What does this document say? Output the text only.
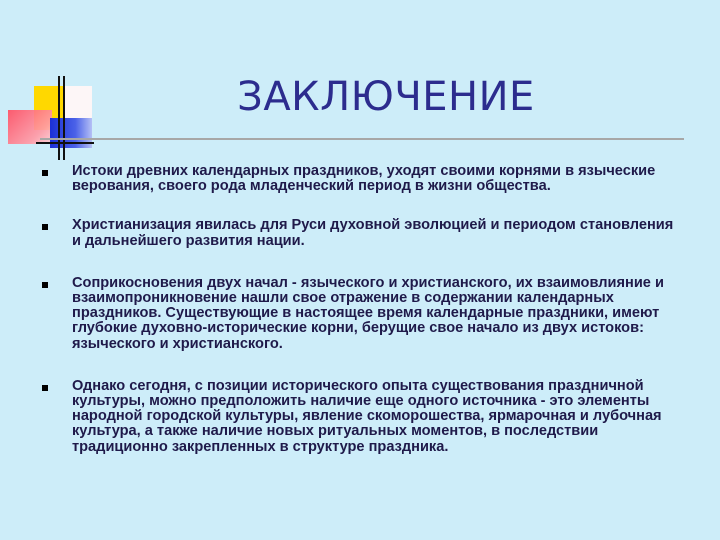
ЗАКЛЮЧЕНИЕ
Истоки древних календарных праздников, уходят своими корнями в языческие верования, своего рода младенческий период в жизни общества.
Христианизация явилась для Руси духовной эволюцией и периодом становления и дальнейшего развития нации.
Соприкосновения двух начал - языческого и христианского, их взаимовлияние и взаимопроникновение нашли свое отражение в содержании календарных праздников. Существующие в настоящее время календарные праздники, имеют глубокие духовно-исторические корни, берущие свое начало из двух истоков: языческого и христианского.
Однако сегодня, с позиции исторического опыта существования праздничной культуры, можно предположить наличие еще одного источника - это элементы народной городской культуры, явление скоморошества, ярмарочная и лубочная культура, а также наличие новых ритуальных моментов, в последствии традиционно закрепленных в структуре праздника.
